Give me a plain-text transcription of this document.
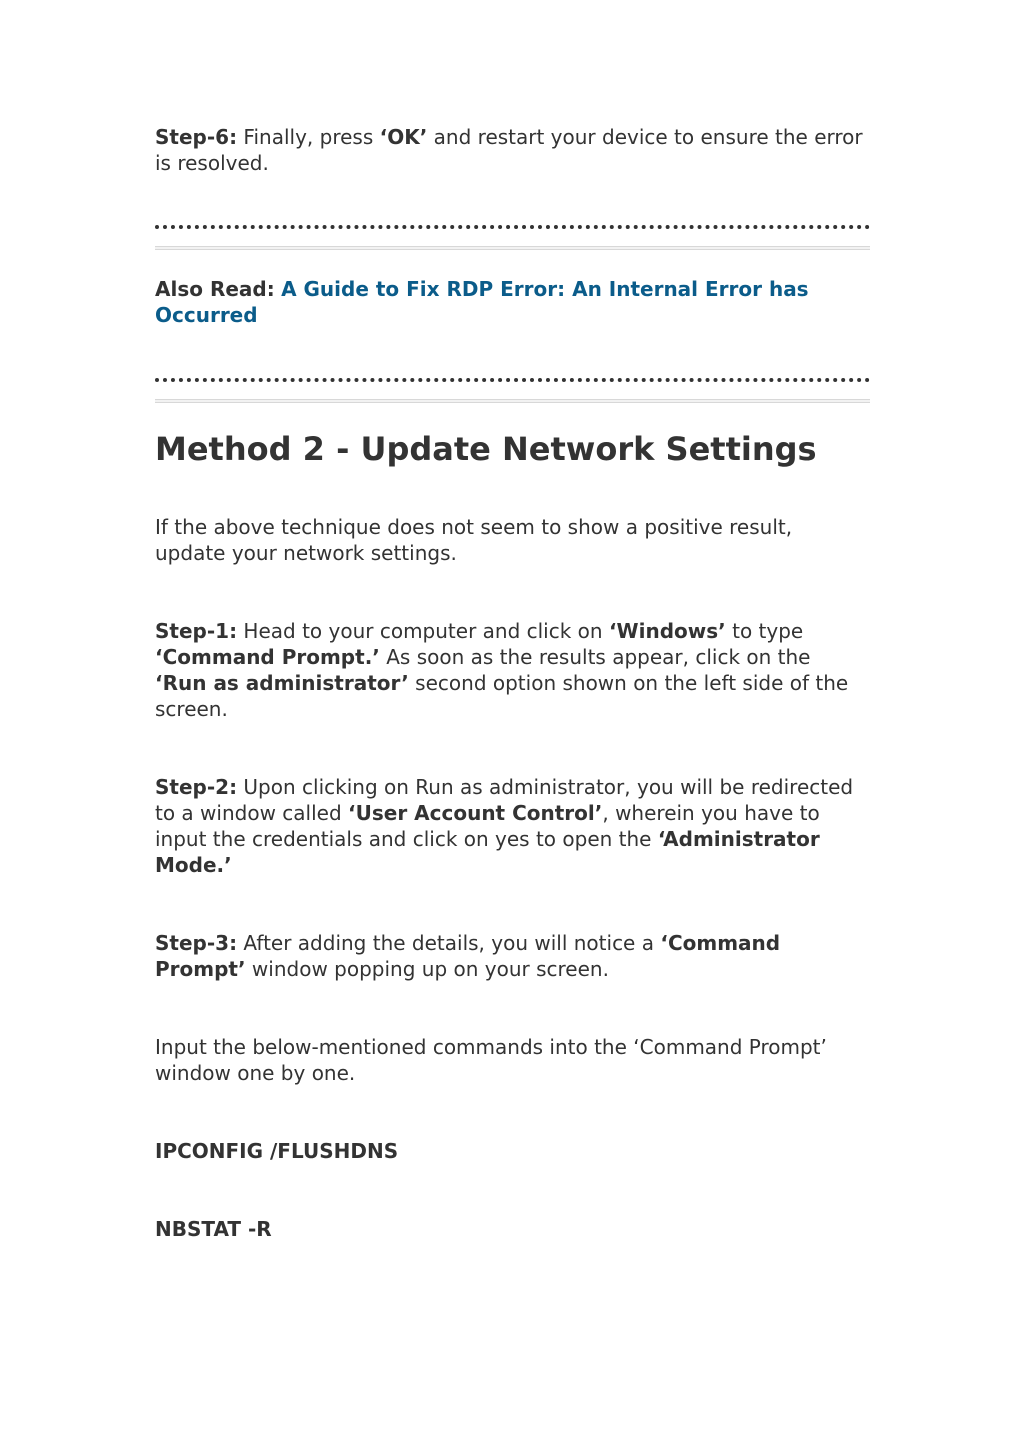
Step-6: Finally, press ‘OK’ and restart your device to ensure the error is resolved.

Also Read: A Guide to Fix RDP Error: An Internal Error has Occurred

Method 2 - Update Network Settings

If the above technique does not seem to show a positive result, update your network settings.

Step-1: Head to your computer and click on ‘Windows’ to type ‘Command Prompt.’ As soon as the results appear, click on the ‘Run as administrator’ second option shown on the left side of the screen.

Step-2: Upon clicking on Run as administrator, you will be redirected to a window called ‘User Account Control’, wherein you have to input the credentials and click on yes to open the ‘Administrator Mode.’

Step-3: After adding the details, you will notice a ‘Command Prompt’ window popping up on your screen.

Input the below-mentioned commands into the ‘Command Prompt’ window one by one.

IPCONFIG /FLUSHDNS

NBSTAT -R
